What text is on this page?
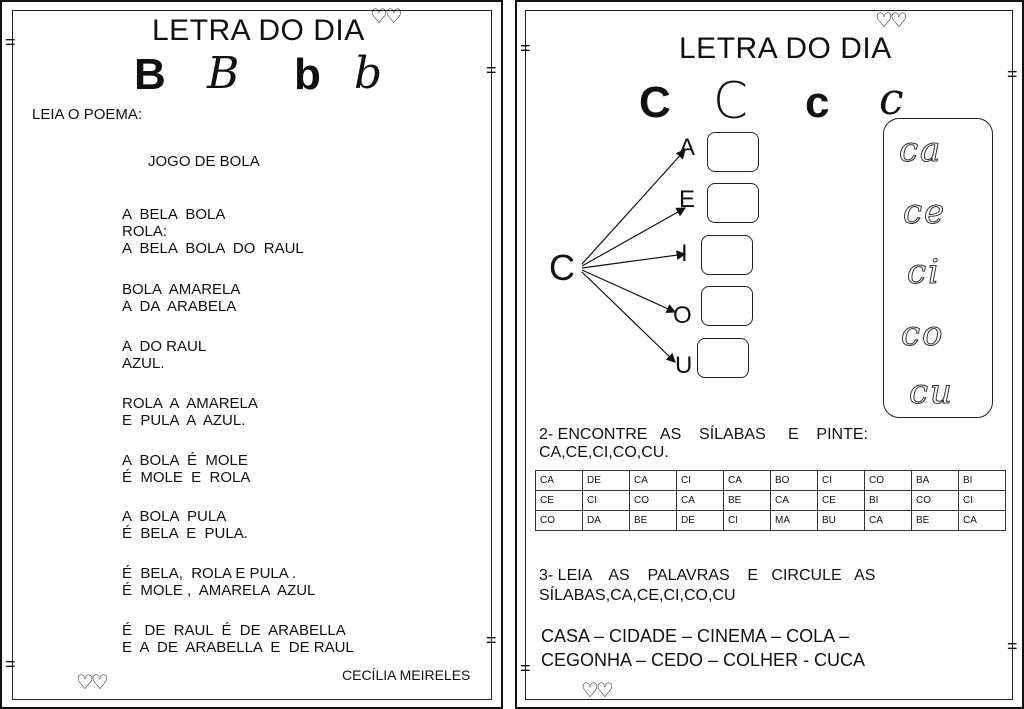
♡♡
♡♡
=
=
=
=
LETRA DO DIA
B B b b
LEIA O POEMA:
JOGO DE BOLA
A  BELA  BOLA
ROLA:
A  BELA  BOLA  DO  RAUL
BOLA  AMARELA
A  DA  ARABELA
A  DO RAUL
AZUL.
ROLA  A  AMARELA
E  PULA  A  AZUL.
A  BOLA  É  MOLE
É  MOLE  E  ROLA
A  BOLA  PULA
É  BELA  E  PULA.
É  BELA,  ROLA E PULA .
É  MOLE ,  AMARELA  AZUL
É   DE  RAUL  É  DE  ARABELLA
E  A  DE  ARABELLA  E  DE RAUL
CECÍLIA MEIRELES
♡♡
♡♡
=
=
=
=
LETRA DO DIA
C C c c
C
A
E
I
O
U
ca
ce
ci
co
cu
2- ENCONTRE   AS    SÍLABAS     E    PINTE:
CA,CE,CI,CO,CU.
CA	DE	CA	CI	CA	BO	CI	CO	BA	BI
CE	CI	CO	CA	BE	CA	CE	BI	CO	CI
CO	DA	BE	DE	CI	MA	BU	CA	BE	CA
3- LEIA    AS    PALAVRAS    E   CIRCULE   AS
SÍLABAS,CA,CE,CI,CO,CU
CASA – CIDADE – CINEMA – COLA –
CEGONHA – CEDO – COLHER - CUCA
